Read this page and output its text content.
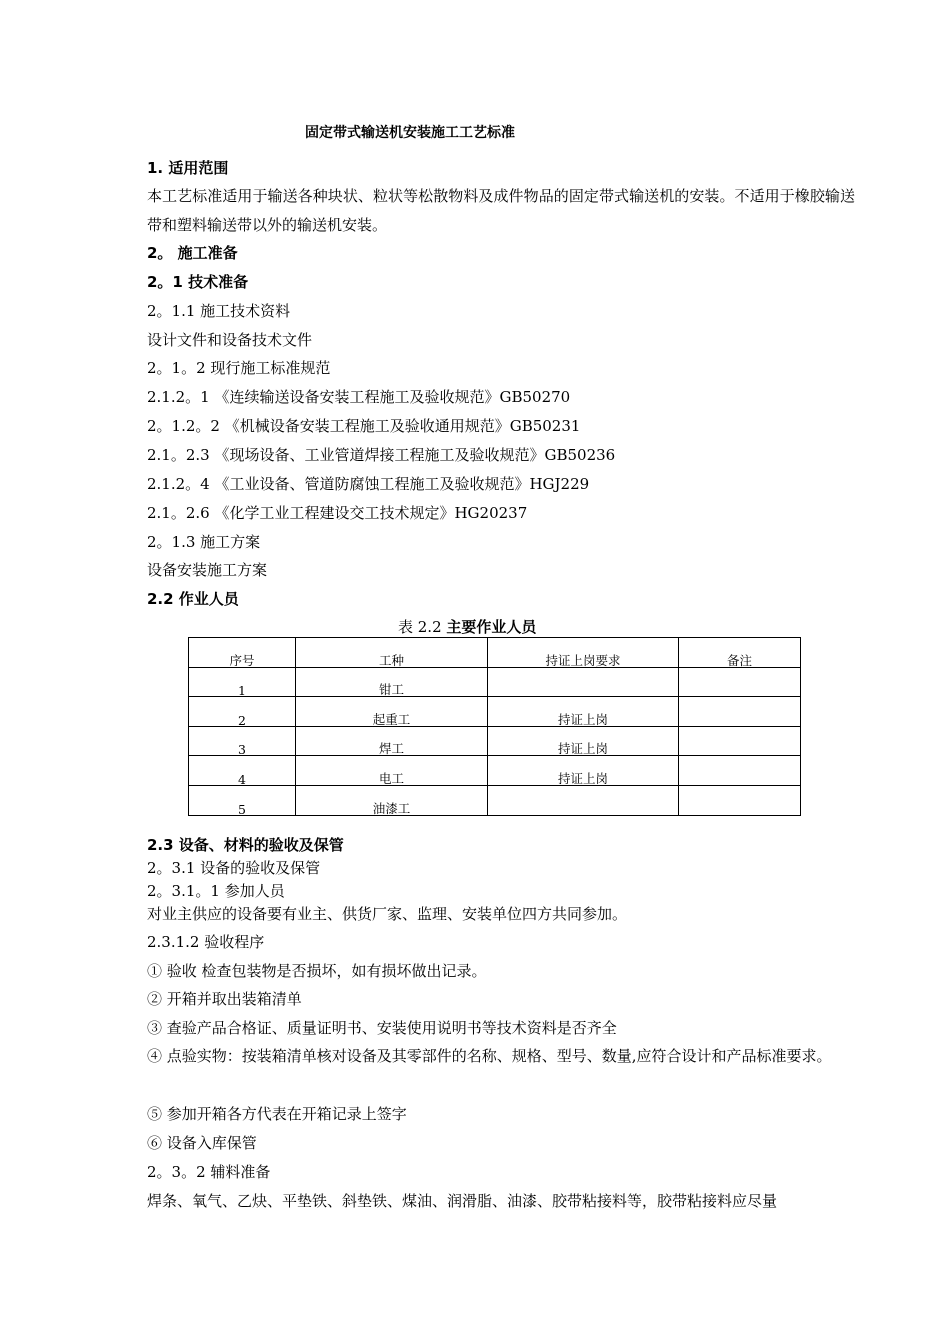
固定带式输送机安装施工工艺标准
1. 适用范围
本工艺标准适用于输送各种块状、粒状等松散物料及成件物品的固定带式输送机的安装。不适用于橡胶输送带和塑料输送带以外的输送机安装。
2。 施工准备
2。1 技术准备
2。1.1 施工技术资料
设计文件和设备技术文件
2。1。2 现行施工标准规范
2.1.2。1 《连续输送设备安装工程施工及验收规范》GB50270
2。1.2。2 《机械设备安装工程施工及验收通用规范》GB50231
2.1。2.3 《现场设备、工业管道焊接工程施工及验收规范》GB50236
2.1.2。4 《工业设备、管道防腐蚀工程施工及验收规范》HGJ229
2.1。2.6 《化学工业工程建设交工技术规定》HG20237
2。1.3 施工方案
设备安装施工方案
2.2 作业人员
表 2.2 主要作业人员
序号	工种	持证上岗要求	备注
1	钳工		
2	起重工	持证上岗	
3	焊工	持证上岗	
4	电工	持证上岗	
5	油漆工		
2.3 设备、材料的验收及保管
2。3.1 设备的验收及保管
2。3.1。1 参加人员
对业主供应的设备要有业主、供货厂家、监理、安装单位四方共同参加。
2.3.1.2 验收程序
① 验收 检查包装物是否损坏，如有损坏做出记录。
② 开箱并取出装箱清单
③ 查验产品合格证、质量证明书、安装使用说明书等技术资料是否齐全
④ 点验实物：按装箱清单核对设备及其零部件的名称、规格、型号、数量,应符合设计和产品标准要求。
⑤ 参加开箱各方代表在开箱记录上签字
⑥ 设备入库保管
2。3。2 辅料准备
焊条、氧气、乙炔、平垫铁、斜垫铁、煤油、润滑脂、油漆、胶带粘接料等，胶带粘接料应尽量
